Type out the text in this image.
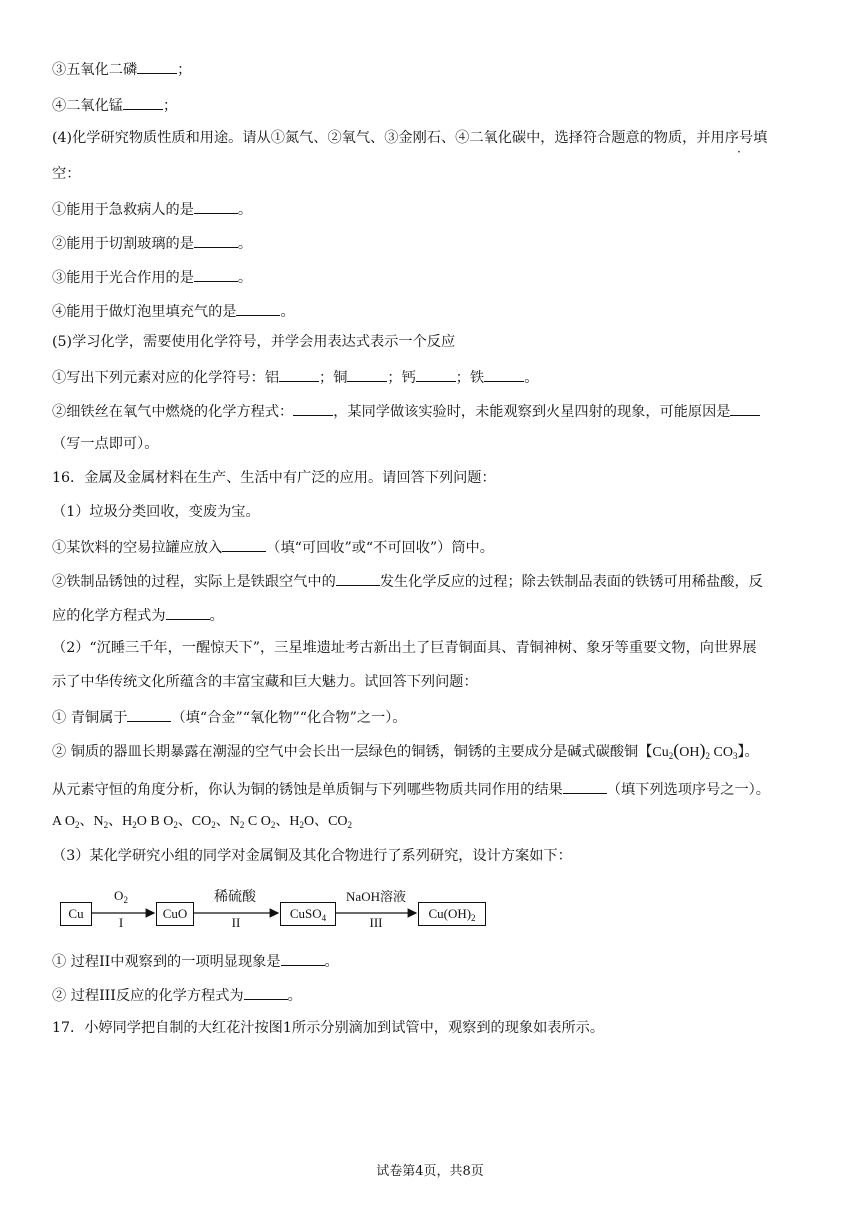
③五氧化二磷	；
④二氧化锰	；
(4)化学研究物质性质和用途。请从①氮气、②氧气、③金刚石、④二氧化碳中，选择符合题意的物质，并用序号填
空：
①能用于急救病人的是	。
②能用于切割玻璃的是	。
③能用于光合作用的是	。
④能用于做灯泡里填充气的是	。
(5)学习化学，需要使用化学符号，并学会用表达式表示一个反应
①写出下列元素对应的化学符号：铝	；铜	；钙	；铁	。
②细铁丝在氧气中燃烧的化学方程式：	，某同学做该实验时，未能观察到火星四射的现象，可能原因是
（写一点即可）。
16．金属及金属材料在生产、生活中有广泛的应用。请回答下列问题：
（1）垃圾分类回收，变废为宝。
①某饮料的空易拉罐应放入	（填“可回收”或“不可回收”）筒中。
②铁制品锈蚀的过程，实际上是铁跟空气中的	发生化学反应的过程；除去铁制品表面的铁锈可用稀盐酸，反
应的化学方程式为	。
（2）“沉睡三千年，一醒惊天下”，三星堆遗址考古新出土了巨青铜面具、青铜神树、象牙等重要文物，向世界展
示了中华传统文化所蕴含的丰富宝藏和巨大魅力。试回答下列问题：
① 青铜属于	（填“合金”“氧化物”“化合物”之一）。
② 铜质的器皿长期暴露在潮湿的空气中会长出一层绿色的铜锈，铜锈的主要成分是碱式碳酸铜【$Cu_2(OH)_2$ $CO_3$】。
从元素守恒的角度分析，你认为铜的锈蚀是单质铜与下列哪些物质共同作用的结果	（填下列选项序号之一）。
A $O_2$、$N_2$、$H_2O$ B $O_2$、$CO_2$、$N_2$ C $O_2$、$H_2O$、$CO_2$
（3）某化学研究小组的同学对金属铜及其化合物进行了系列研究，设计方案如下：
Cu	CuO	CuSO$_4$	$Cu(OH)_2$
$O_2$
I
稀硫酸
II
NaOH溶液
III
① 过程II中观察到的一项明显现象是	。
② 过程III反应的化学方程式为	。
17．小婷同学把自制的大红花汁按图1所示分别滴加到试管中，观察到的现象如表所示。
试卷第4页，共8页
